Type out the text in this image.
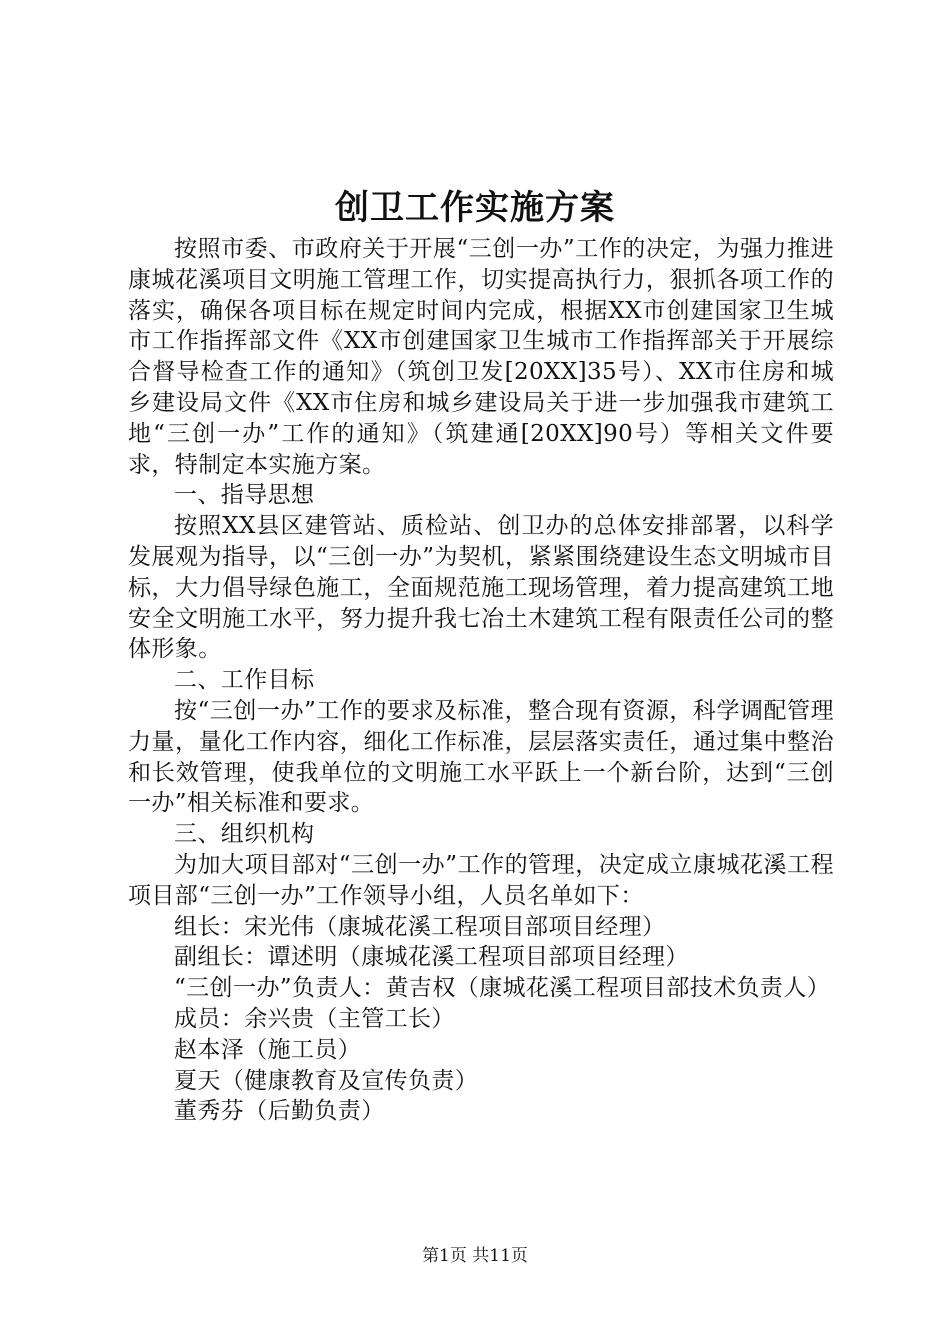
创卫工作实施方案

按照市委、市政府关于开展“三创一办”工作的决定，为强力推进康城花溪项目文明施工管理工作，切实提高执行力，狠抓各项工作的落实，确保各项目标在规定时间内完成，根据XX市创建国家卫生城市工作指挥部文件《XX市创建国家卫生城市工作指挥部关于开展综合督导检查工作的通知》（筑创卫发[20XX]35号）、XX市住房和城乡建设局文件《XX市住房和城乡建设局关于进一步加强我市建筑工地“三创一办”工作的通知》（筑建通[20XX]90号）等相关文件要求，特制定本实施方案。

一、指导思想

按照XX县区建管站、质检站、创卫办的总体安排部署，以科学发展观为指导，以“三创一办”为契机，紧紧围绕建设生态文明城市目标，大力倡导绿色施工，全面规范施工现场管理，着力提高建筑工地安全文明施工水平，努力提升我七冶土木建筑工程有限责任公司的整体形象。

二、工作目标

按“三创一办”工作的要求及标准，整合现有资源，科学调配管理力量，量化工作内容，细化工作标准，层层落实责任，通过集中整治和长效管理，使我单位的文明施工水平跃上一个新台阶，达到“三创一办”相关标准和要求。

三、组织机构

为加大项目部对“三创一办”工作的管理，决定成立康城花溪工程项目部“三创一办”工作领导小组，人员名单如下：

组长：宋光伟（康城花溪工程项目部项目经理）

副组长：谭述明（康城花溪工程项目部项目经理）

“三创一办”负责人：黄吉权（康城花溪工程项目部技术负责人）

成员：余兴贵（主管工长）

赵本泽（施工员）

夏天（健康教育及宣传负责）

董秀芬（后勤负责）

第1页 共11页
